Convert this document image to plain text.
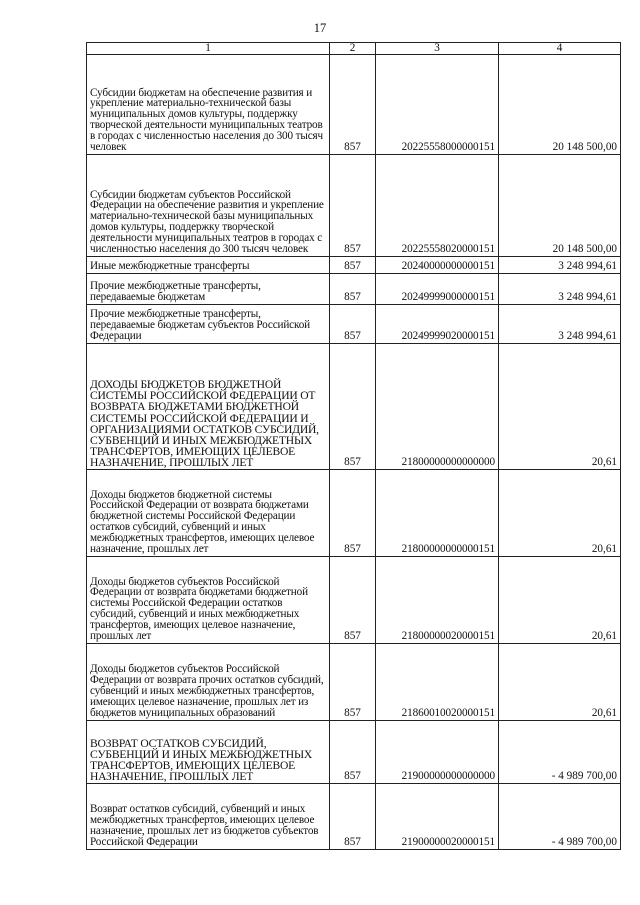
17
1	2	3	4
Субсидии бюджетам на обеспечение развития и укрепление материально-технической базы муниципальных домов культуры, поддержку творческой деятельности муниципальных театров в городах с численностью населения до 300 тысяч человек	857	20225558000000151	20 148 500,00
Субсидии бюджетам субъектов Российской Федерации на обеспечение развития и укрепление материально-технической базы муниципальных домов культуры, поддержку творческой деятельности муниципальных театров в городах с численностью населения до 300 тысяч человек	857	20225558020000151	20 148 500,00
Иные межбюджетные трансферты	857	20240000000000151	3 248 994,61
Прочие межбюджетные трансферты, передаваемые бюджетам	857	20249999000000151	3 248 994,61
Прочие межбюджетные трансферты, передаваемые бюджетам субъектов Российской Федерации	857	20249999020000151	3 248 994,61
ДОХОДЫ БЮДЖЕТОВ БЮДЖЕТНОЙ СИСТЕМЫ РОССИЙСКОЙ ФЕДЕРАЦИИ ОТ ВОЗВРАТА БЮДЖЕТАМИ БЮДЖЕТНОЙ СИСТЕМЫ РОССИЙСКОЙ ФЕДЕРАЦИИ И ОРГАНИЗАЦИЯМИ ОСТАТКОВ СУБСИДИЙ, СУБВЕНЦИЙ И ИНЫХ МЕЖБЮДЖЕТНЫХ ТРАНСФЕРТОВ, ИМЕЮЩИХ ЦЕЛЕВОЕ НАЗНАЧЕНИЕ, ПРОШЛЫХ ЛЕТ	857	21800000000000000	20,61
Доходы бюджетов бюджетной системы Российской Федерации от возврата бюджетами бюджетной системы Российской Федерации остатков субсидий, субвенций и иных межбюджетных трансфертов, имеющих целевое назначение, прошлых лет	857	21800000000000151	20,61
Доходы бюджетов субъектов Российской Федерации от возврата бюджетами бюджетной системы Российской Федерации остатков субсидий, субвенций и иных межбюджетных трансфертов, имеющих целевое назначение, прошлых лет	857	21800000020000151	20,61
Доходы бюджетов субъектов Российской Федерации от возврата прочих остатков субсидий, субвенций и иных межбюджетных трансфертов, имеющих целевое назначение, прошлых лет из бюджетов муниципальных образований	857	21860010020000151	20,61
ВОЗВРАТ ОСТАТКОВ СУБСИДИЙ, СУБВЕНЦИЙ И ИНЫХ МЕЖБЮДЖЕТНЫХ ТРАНСФЕРТОВ, ИМЕЮЩИХ ЦЕЛЕВОЕ НАЗНАЧЕНИЕ, ПРОШЛЫХ ЛЕТ	857	21900000000000000	- 4 989 700,00
Возврат остатков субсидий, субвенций и иных межбюджетных трансфертов, имеющих целевое назначение, прошлых лет из бюджетов субъектов Российской Федерации	857	21900000020000151	- 4 989 700,00
